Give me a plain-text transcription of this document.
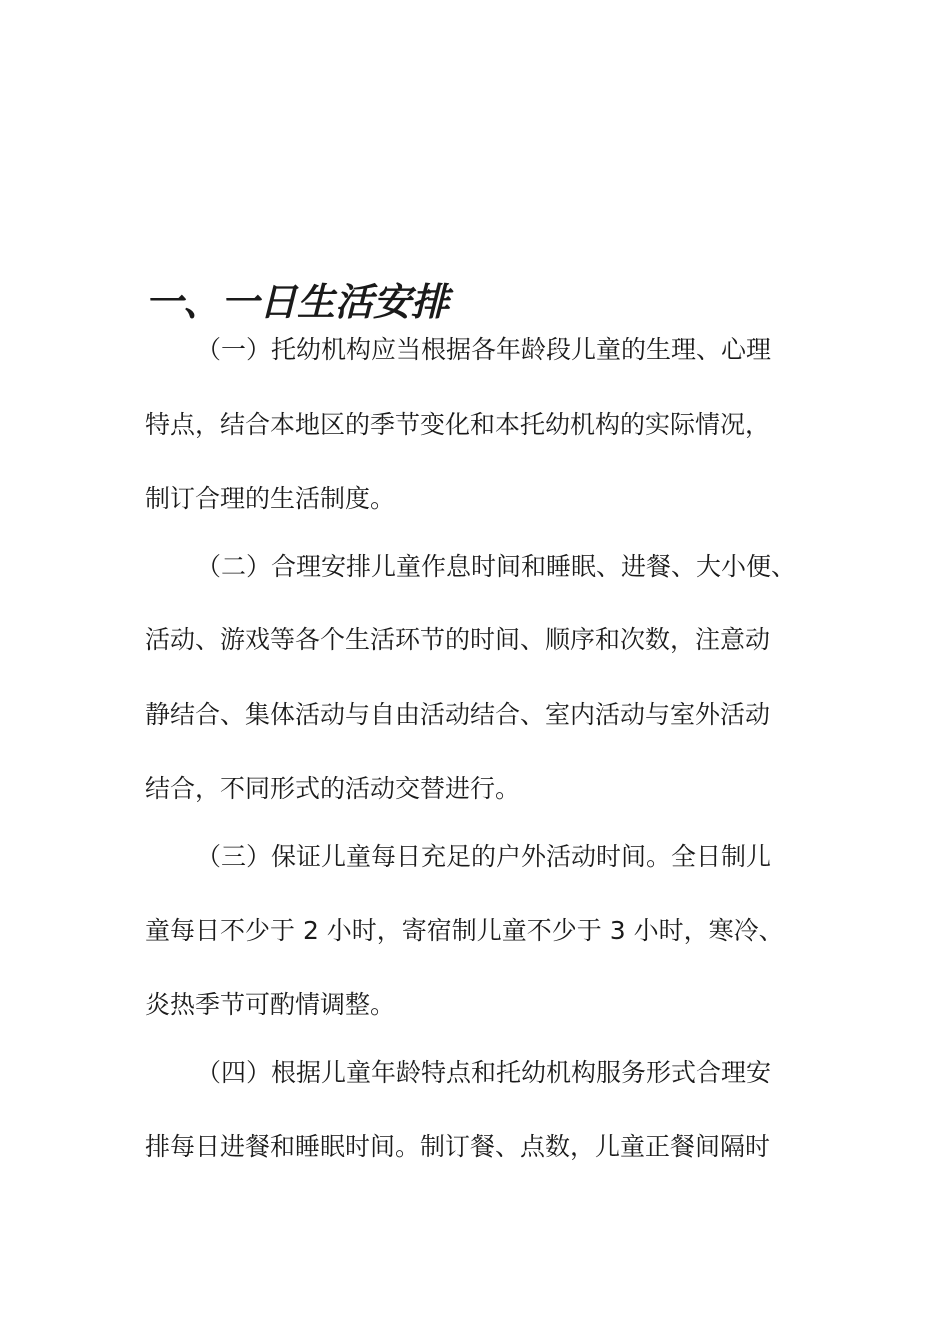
一、一日生活安排

（一）托幼机构应当根据各年龄段儿童的生理、心理

特点，结合本地区的季节变化和本托幼机构的实际情况，

制订合理的生活制度。

（二）合理安排儿童作息时间和睡眠、进餐、大小便、

活动、游戏等各个生活环节的时间、顺序和次数，注意动

静结合、集体活动与自由活动结合、室内活动与室外活动

结合，不同形式的活动交替进行。

（三）保证儿童每日充足的户外活动时间。全日制儿

童每日不少于 2 小时，寄宿制儿童不少于 3 小时，寒冷、

炎热季节可酌情调整。

（四）根据儿童年龄特点和托幼机构服务形式合理安

排每日进餐和睡眠时间。制订餐、点数，儿童正餐间隔时
